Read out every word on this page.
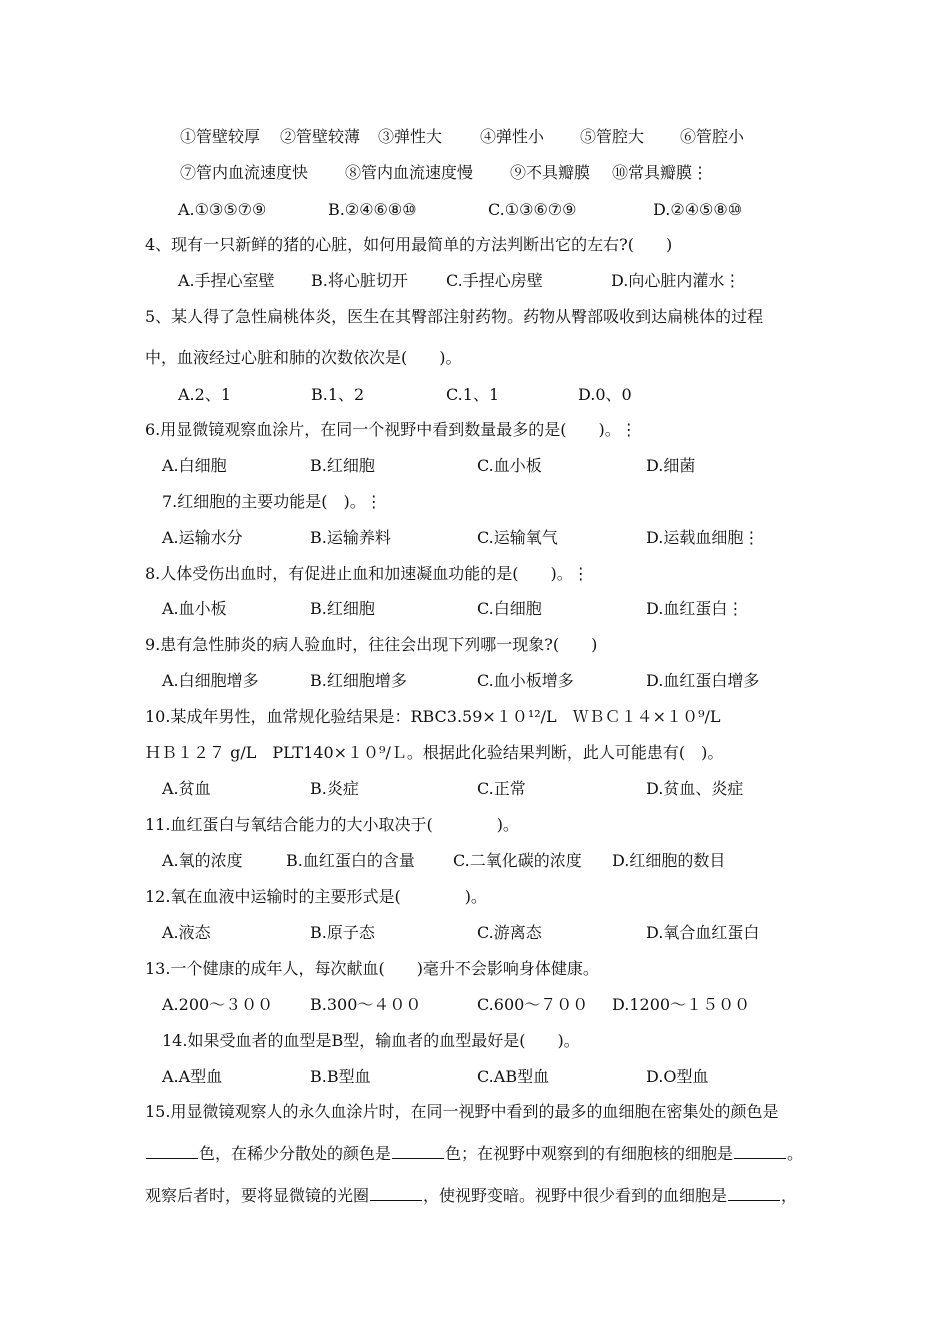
①管壁较厚 ②管壁较薄 ③弹性大 ④弹性小 ⑤管腔大 ⑥管腔小
⑦管内血流速度快 ⑧管内血流速度慢 ⑨不具瓣膜 ⑩常具瓣膜⋮
A.①③⑤⑦⑨	B.②④⑥⑧⑩	C.①③⑥⑦⑨	D.②④⑤⑧⑩
4、现有一只新鲜的猪的心脏，如何用最简单的方法判断出它的左右?(　　)
A.手捏心室壁 B.将心脏切开 C.手捏心房壁	D.向心脏内灌水⋮
5、某人得了急性扁桃体炎，医生在其臀部注射药物。药物从臀部吸收到达扁桃体的过程
中，血液经过心脏和肺的次数依次是(　　)。
A.2、1	B.1、2	C.1、1	D.0、0
6.用显微镜观察血涂片，在同一个视野中看到数量最多的是(　　)。⋮
A.白细胞	B.红细胞	C.血小板	D.细菌
7.红细胞的主要功能是(　)。⋮
A.运输水分	B.运输养料	C.运输氧气	D.运载血细胞⋮
8.人体受伤出血时，有促进止血和加速凝血功能的是(　　)。⋮
A.血小板	B.红细胞	C.白细胞	D.血红蛋白⋮
9.患有急性肺炎的病人验血时，往往会出现下列哪一现象?(　　)
A.白细胞增多	B.红细胞增多	C.血小板增多	D.血红蛋白增多
10.某成年男性，血常规化验结果是：RBC3.59×１０¹²/L　ＷＢＣ１４×１０⁹/L
ＨＢ１２７ g/L　PLT140×１０⁹/Ｌ。根据此化验结果判断，此人可能患有(　)。
A.贫血	B.炎症	C.正常	D.贫血、炎症
11.血红蛋白与氧结合能力的大小取决于(　　　　)。
A.氧的浓度	B.血红蛋白的含量 C.二氧化碳的浓度 D.红细胞的数目
12.氧在血液中运输时的主要形式是(　　　　)。
A.液态	B.原子态	C.游离态	D.氧合血红蛋白
13.一个健康的成年人，每次献血(　　)毫升不会影响身体健康。
A.200～３００ B.300～４００	C.600～７００ D.1200～１５００
14.如果受血者的血型是B型，输血者的血型最好是(　　)。
A.A型血	B.B型血	C.AB型血	D.O型血
15.用显微镜观察人的永久血涂片时，在同一视野中看到的最多的血细胞在密集处的颜色是
色，在稀少分散处的颜色是	色；在视野中观察到的有细胞核的细胞是	。
观察后者时，要将显微镜的光圈	，使视野变暗。视野中很少看到的血细胞是	，
